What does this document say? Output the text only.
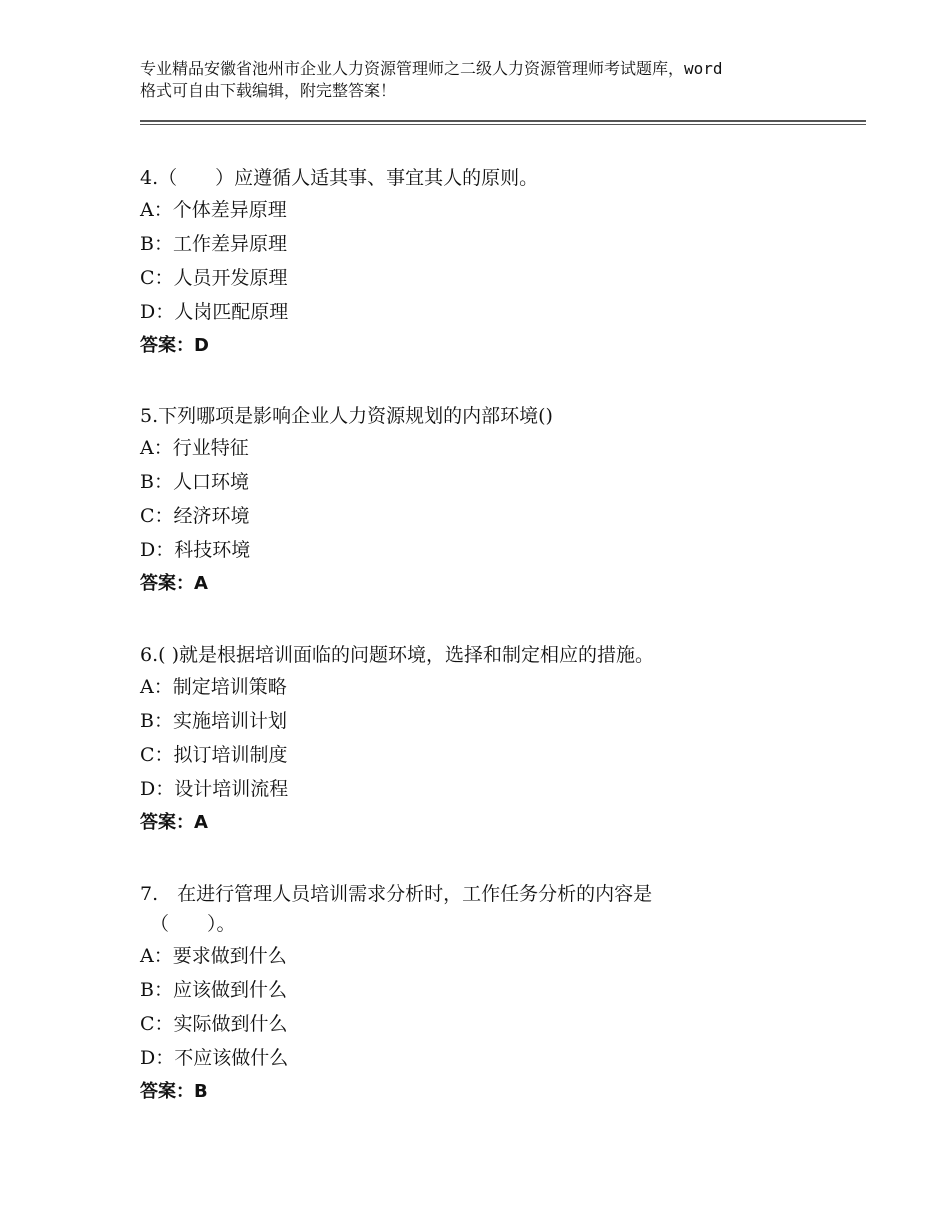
专业精品安徽省池州市企业人力资源管理师之二级人力资源管理师考试题库，word
格式可自由下载编辑，附完整答案！

4.（　　）应遵循人适其事、事宜其人的原则。

A：个体差异原理

B：工作差异原理

C：人员开发原理

D：人岗匹配原理

答案：D

5.下列哪项是影响企业人力资源规划的内部环境()

A：行业特征

B：人口环境

C：经济环境

D：科技环境

答案：A

6.( )就是根据培训面临的问题环境，选择和制定相应的措施。

A：制定培训策略

B：实施培训计划

C：拟订培训制度

D：设计培训流程

答案：A

7.　在进行管理人员培训需求分析时，工作任务分析的内容是

（　　）。

A：要求做到什么

B：应该做到什么

C：实际做到什么

D：不应该做什么

答案：B
